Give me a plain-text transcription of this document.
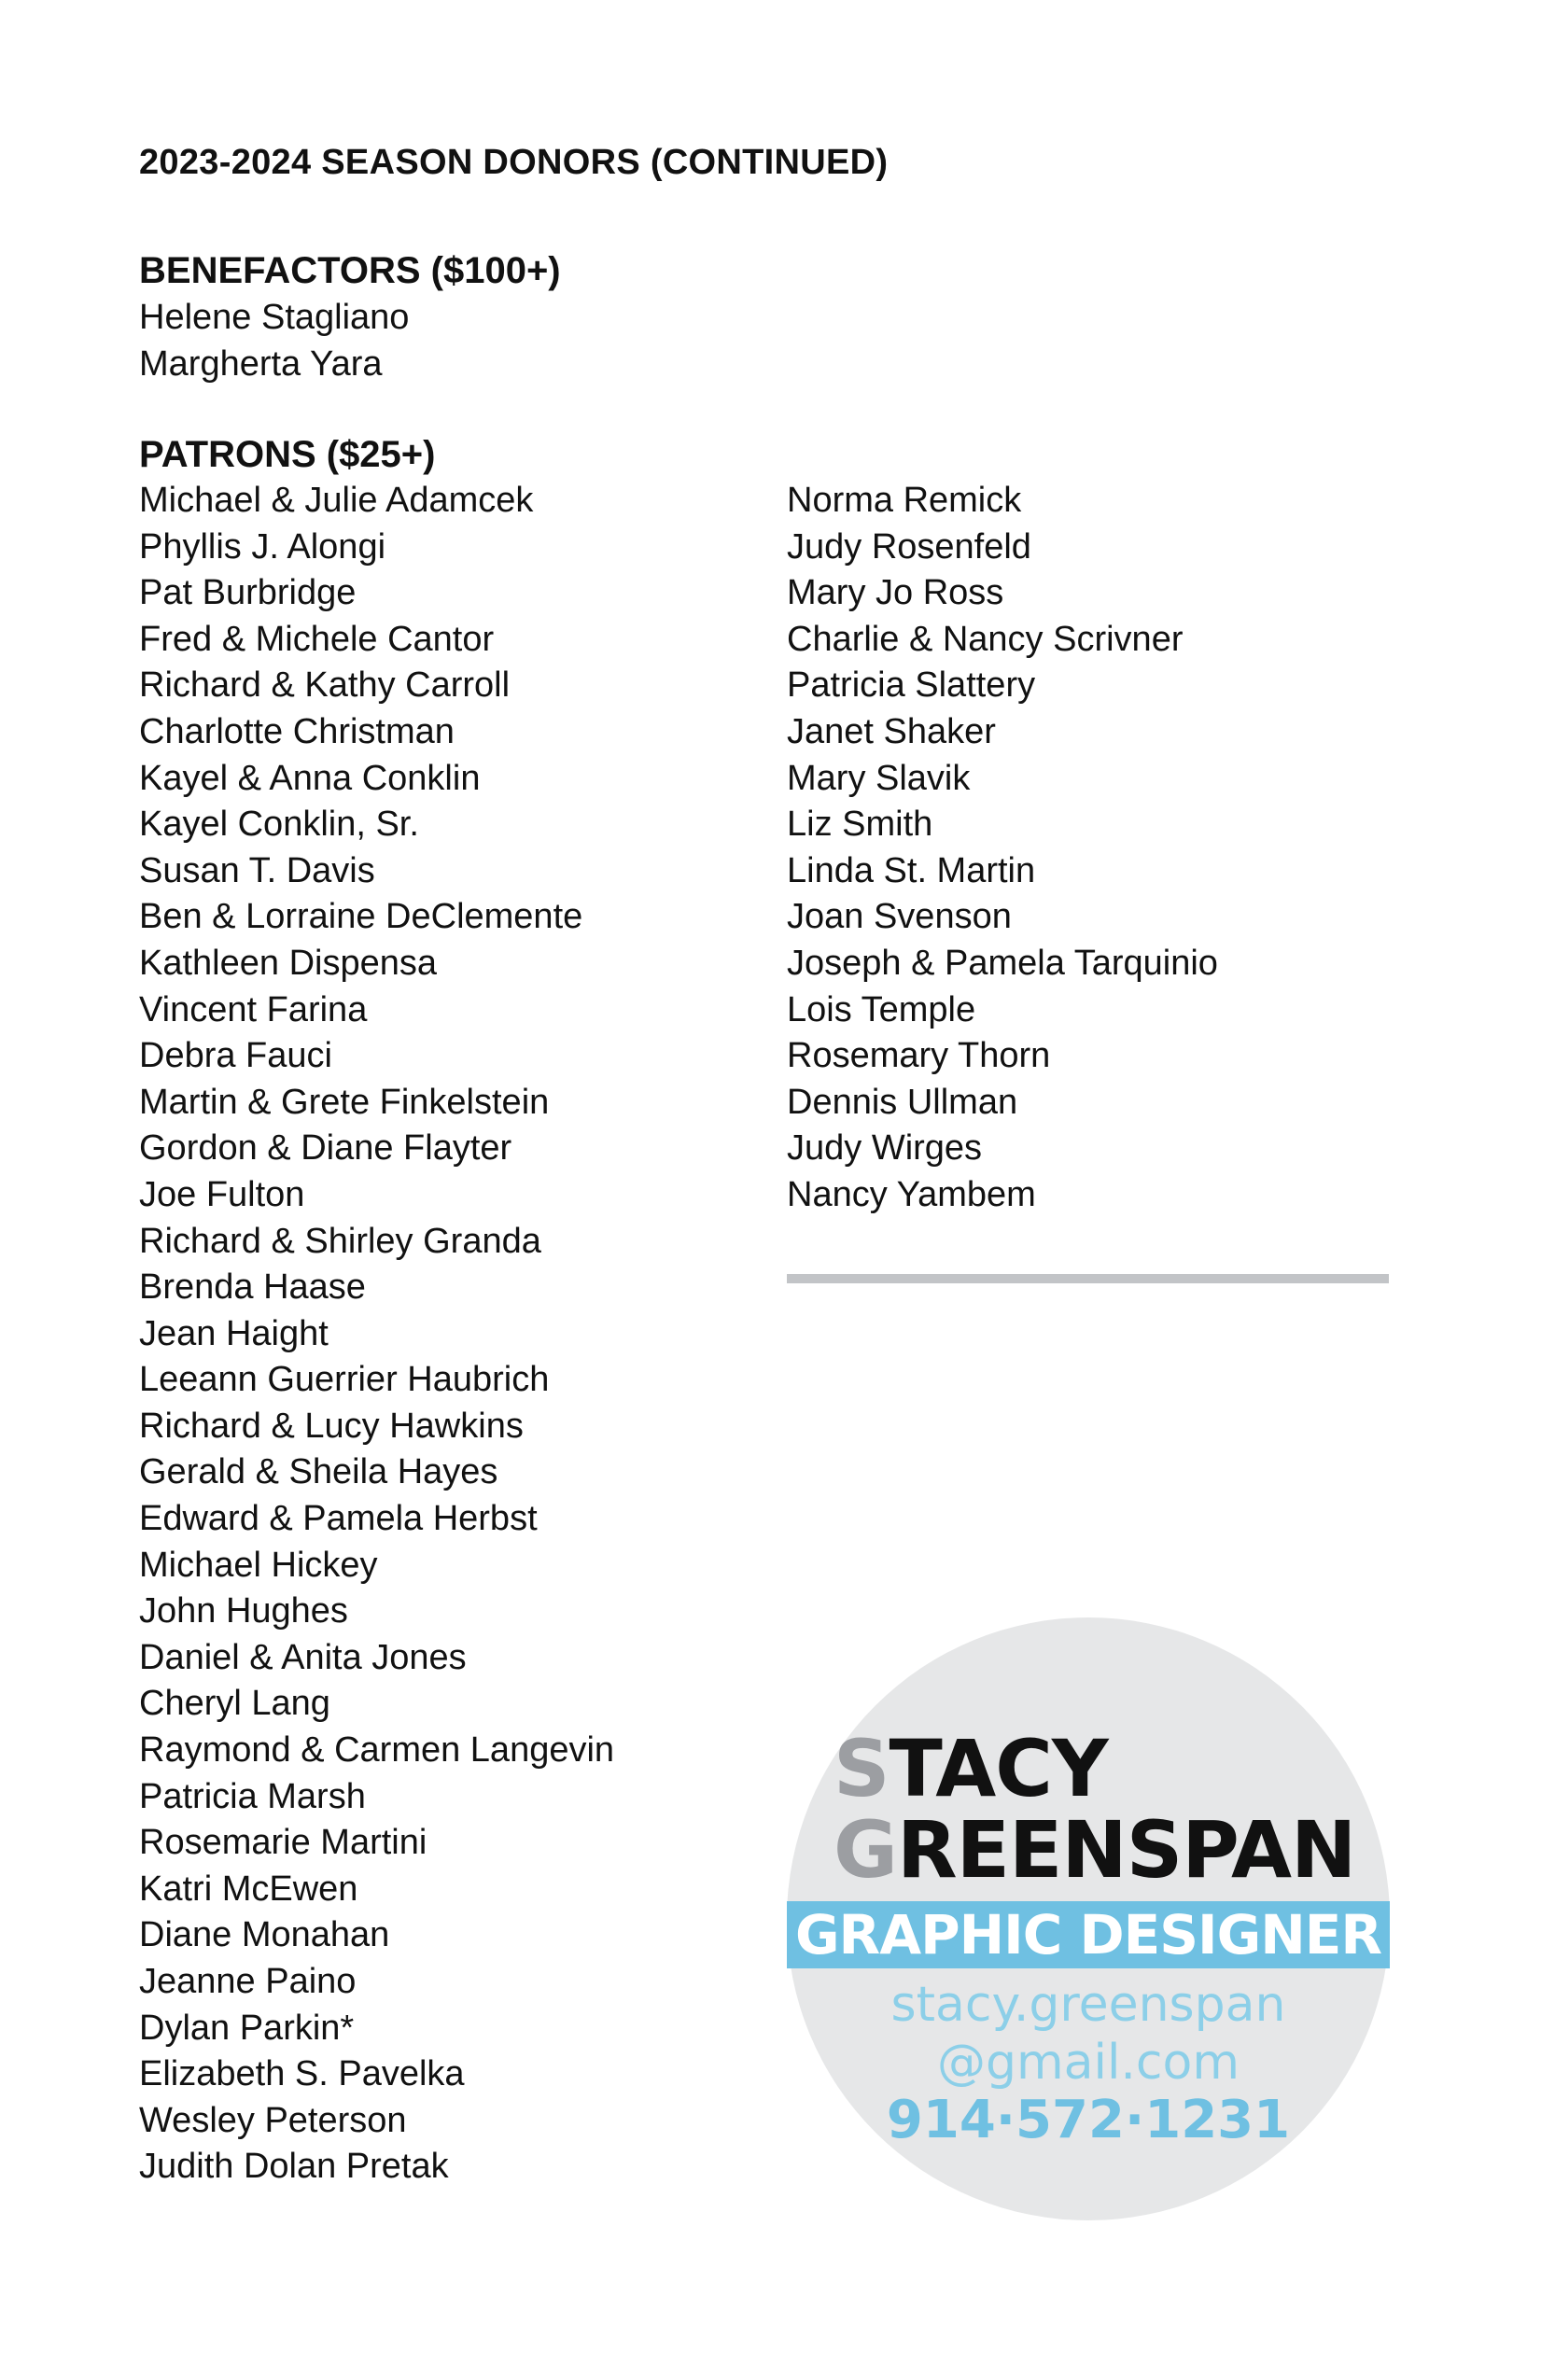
2023-2024 SEASON DONORS (CONTINUED)
BENEFACTORS ($100+)
Helene Stagliano
Margherta Yara
PATRONS ($25+)
Michael & Julie Adamcek
Phyllis J. Alongi
Pat Burbridge
Fred & Michele Cantor
Richard & Kathy Carroll
Charlotte Christman
Kayel & Anna Conklin
Kayel Conklin, Sr.
Susan T. Davis
Ben & Lorraine DeClemente
Kathleen Dispensa
Vincent Farina
Debra Fauci
Martin & Grete Finkelstein
Gordon & Diane Flayter
Joe Fulton
Richard & Shirley Granda
Brenda Haase
Jean Haight
Leeann Guerrier Haubrich
Richard & Lucy Hawkins
Gerald & Sheila Hayes
Edward & Pamela Herbst
Michael Hickey
John Hughes
Daniel & Anita Jones
Cheryl Lang
Raymond & Carmen Langevin
Patricia Marsh
Rosemarie Martini
Katri McEwen
Diane Monahan
Jeanne Paino
Dylan Parkin*
Elizabeth S. Pavelka
Wesley Peterson
Judith Dolan Pretak
Norma Remick
Judy Rosenfeld
Mary Jo Ross
Charlie & Nancy Scrivner
Patricia Slattery
Janet Shaker
Mary Slavik
Liz Smith
Linda St. Martin
Joan Svenson
Joseph & Pamela Tarquinio
Lois Temple
Rosemary Thorn
Dennis Ullman
Judy Wirges
Nancy Yambem
STACY
GREENSPAN
GRAPHIC DESIGNER
stacy.greenspan
@gmail.com
914·572·1231
